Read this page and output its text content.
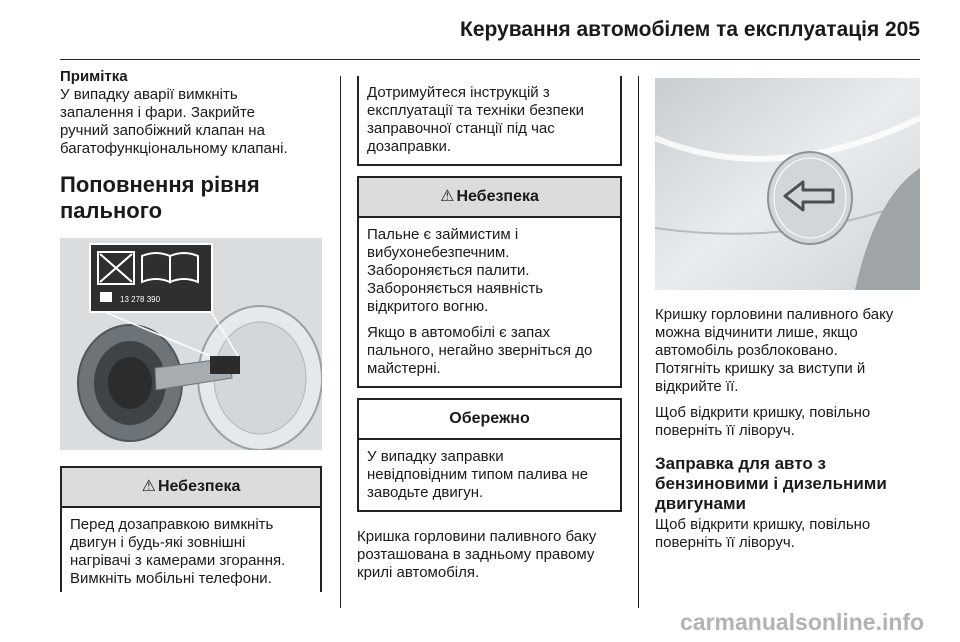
Керування автомобілем та експлуатація 205
Примітка

У випадку аварії вимкніть
запалення і фари. Закрийте
ручний запобіжний клапан на
багатофункціональному клапані.

Поповнення рівня
пального
13 278 390
⚠ Небезпека

Перед дозаправкою вимкніть
двигун і будь-які зовнішні
нагрівачі з камерами згорання.
Вимкніть мобільні телефони.

Дотримуйтеся інструкцій з
експлуатації та техніки безпеки
заправочної станції під час
дозаправки.

⚠ Небезпека

Пальне є займистим і
вибухонебезпечним.
Забороняється палити.
Забороняється наявність
відкритого вогню.

Якщо в автомобілі є запах
пального, негайно зверніться до
майстерні.

Обережно

У випадку заправки
невідповідним типом палива не
заводьте двигун.

Кришка горловини паливного баку
розташована в задньому правому
крилі автомобіля.

Кришку горловини паливного баку
можна відчинити лише, якщо
автомобіль розблоковано.
Потягніть кришку за виступи й
відкрийте її.

Щоб відкрити кришку, повільно
поверніть її ліворуч.

Заправка для авто з
бензиновими і дизельними
двигунами

Щоб відкрити кришку, повільно
поверніть її ліворуч.

carmanualsonline.info
